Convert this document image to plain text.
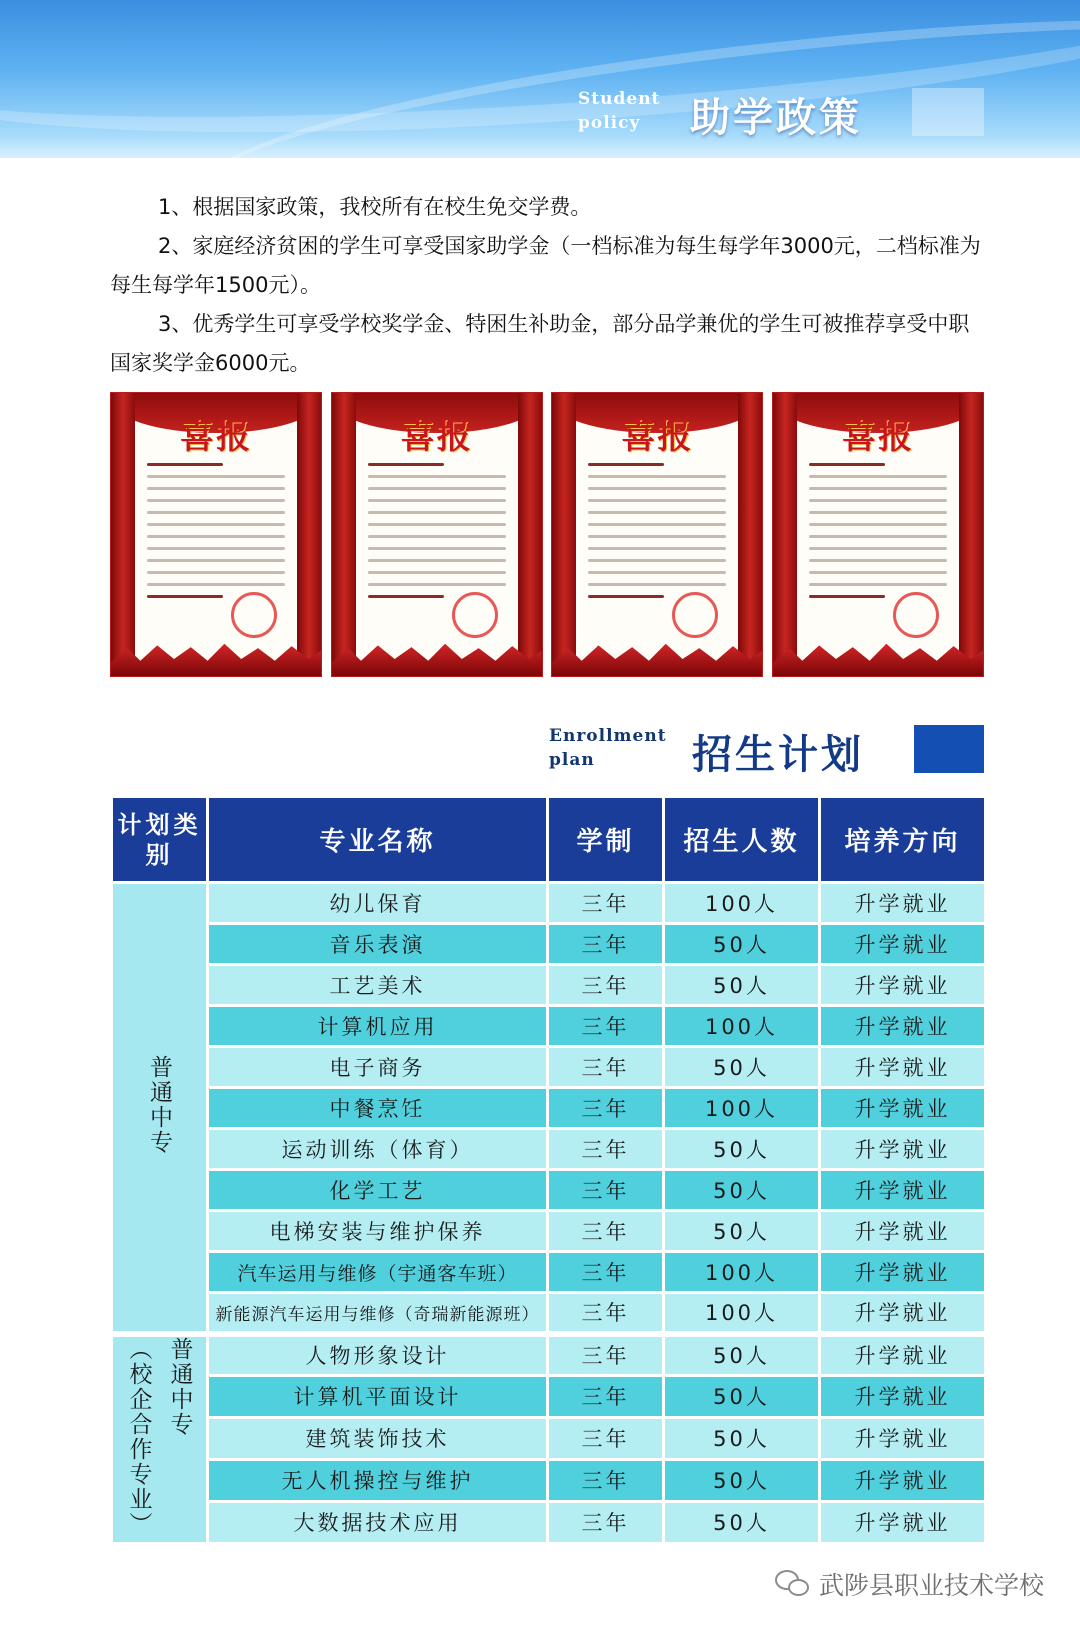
Student
policy	助学政策

1、根据国家政策，我校所有在校生免交学费。

2、家庭经济贫困的学生可享受国家助学金（一档标准为每生每学年3000元，二档标准为每生每学年1500元）。

3、优秀学生可享受学校奖学金、特困生补助金，部分品学兼优的学生可被推荐享受中职国家奖学金6000元。

喜报	喜报	喜报	喜报
Enrollment
plan	招生计划
计划类别	专业名称	学制	招生人数	培养方向

普通中专	幼儿保育	三年	100人	升学就业
	音乐表演	三年	50人	升学就业
	工艺美术	三年	50人	升学就业
	计算机应用	三年	100人	升学就业
	电子商务	三年	50人	升学就业
	中餐烹饪	三年	100人	升学就业
	运动训练（体育）	三年	50人	升学就业
	化学工艺	三年	50人	升学就业
	电梯安装与维护保养	三年	50人	升学就业
	汽车运用与维修（宇通客车班）	三年	100人	升学就业
	新能源汽车运用与维修（奇瑞新能源班）	三年	100人	升学就业

普通中专
（校企合作专业）	人物形象设计	三年	50人	升学就业
	计算机平面设计	三年	50人	升学就业
	建筑装饰技术	三年	50人	升学就业
	无人机操控与维护	三年	50人	升学就业
	大数据技术应用	三年	50人	升学就业
武陟县职业技术学校
